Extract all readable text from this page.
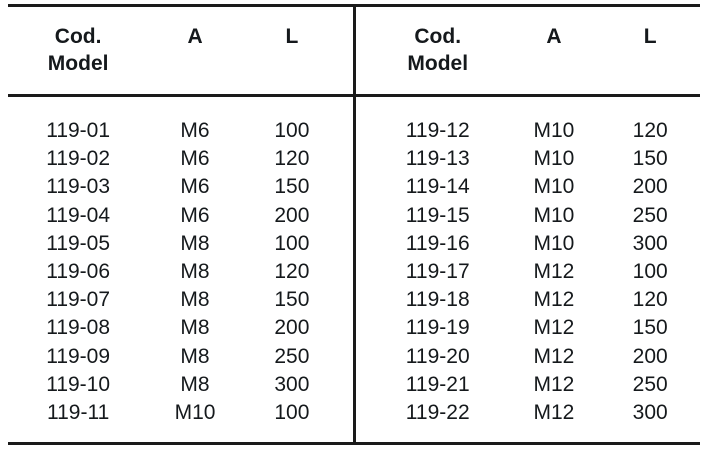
Cod.
Model	A	L

119-01	M6	100
119-02	M6	120
119-03	M6	150
119-04	M6	200
119-05	M8	100
119-06	M8	120
119-07	M8	150
119-08	M8	200
119-09	M8	250
119-10	M8	300
119-11	M10	100
Cod.
Model	A	L

119-12	M10	120
119-13	M10	150
119-14	M10	200
119-15	M10	250
119-16	M10	300
119-17	M12	100
119-18	M12	120
119-19	M12	150
119-20	M12	200
119-21	M12	250
119-22	M12	300
